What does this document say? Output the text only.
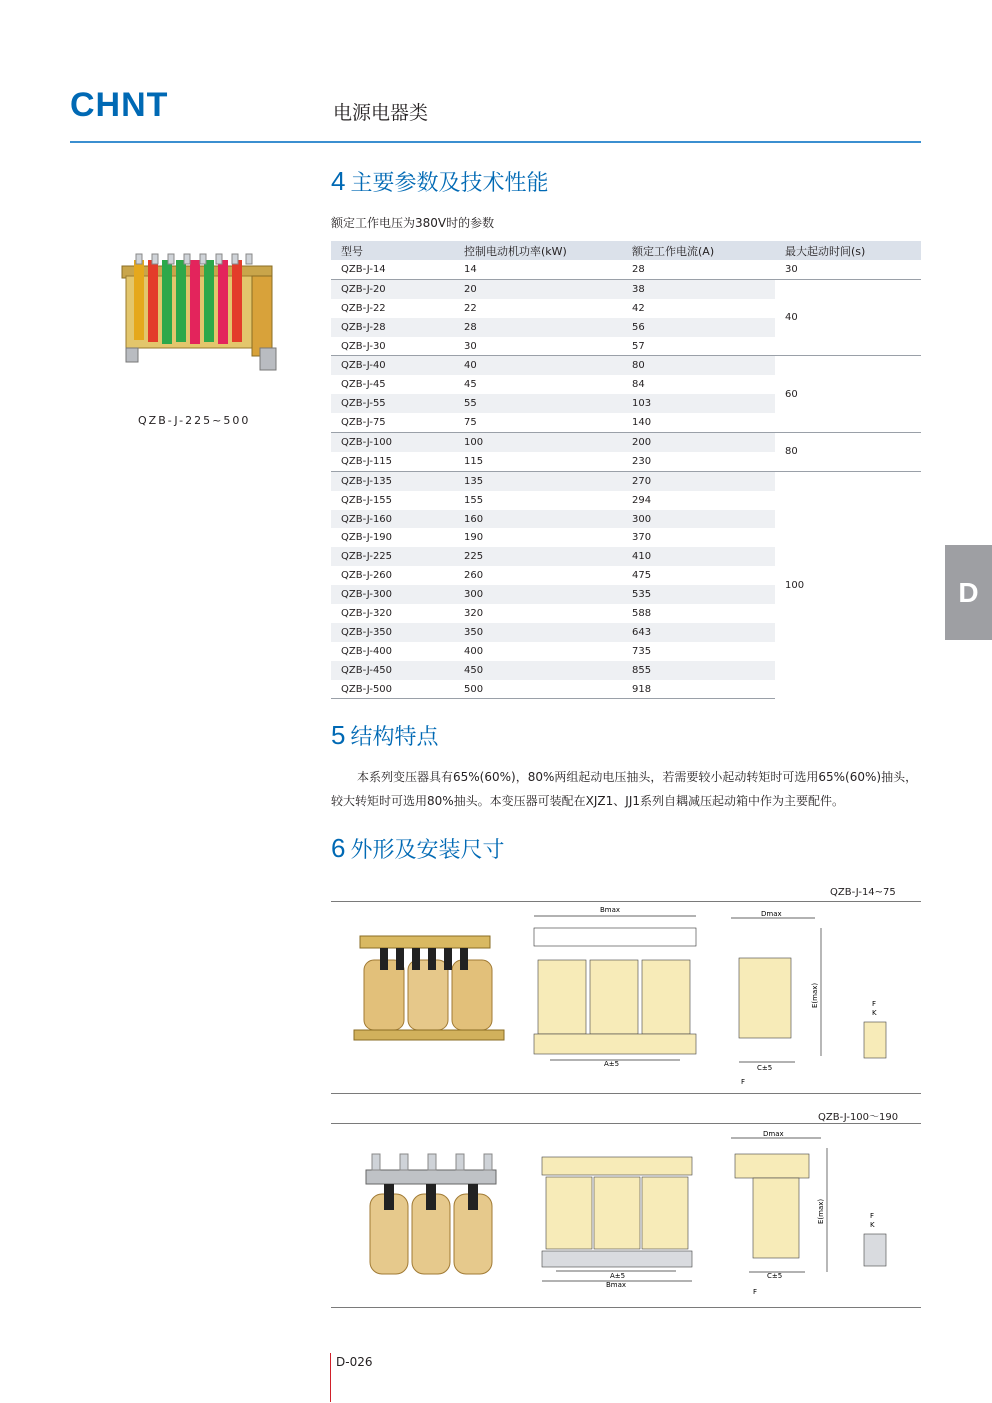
CHNT	电源电器类
D
QZB-J-225~500
4 主要参数及技术性能
额定工作电压为380V时的参数
型号	控制电动机功率(kW)	额定工作电流(A)	最大起动时间(s)
QZB-J-14	14	28	30
QZB-J-20	20	38	40
QZB-J-22	22	42	
QZB-J-28	28	56	
QZB-J-30	30	57	
QZB-J-40	40	80	60
QZB-J-45	45	84	
QZB-J-55	55	103	
QZB-J-75	75	140	
QZB-J-100	100	200	80
QZB-J-115	115	230	
QZB-J-135	135	270	100
QZB-J-155	155	294	
QZB-J-160	160	300	
QZB-J-190	190	370	
QZB-J-225	225	410	
QZB-J-260	260	475	
QZB-J-300	300	535	
QZB-J-320	320	588	
QZB-J-350	350	643	
QZB-J-400	400	735	
QZB-J-450	450	855	
QZB-J-500	500	918	
5 结构特点
本系列变压器具有65%(60%)，80%两组起动电压抽头，若需要较小起动转矩时可选用65%(60%)抽头，较大转矩时可选用80%抽头。本变压器可装配在XJZ1、JJ1系列自耦减压起动箱中作为主要配件。
6 外形及安装尺寸
QZB-J-14~75
Bmax
A±5
Dmax
E(max)
C±5
F
F
K
QZB-J-100～190
A±5
Bmax
Dmax
E(max)
C±5
F
F
K
D-026
